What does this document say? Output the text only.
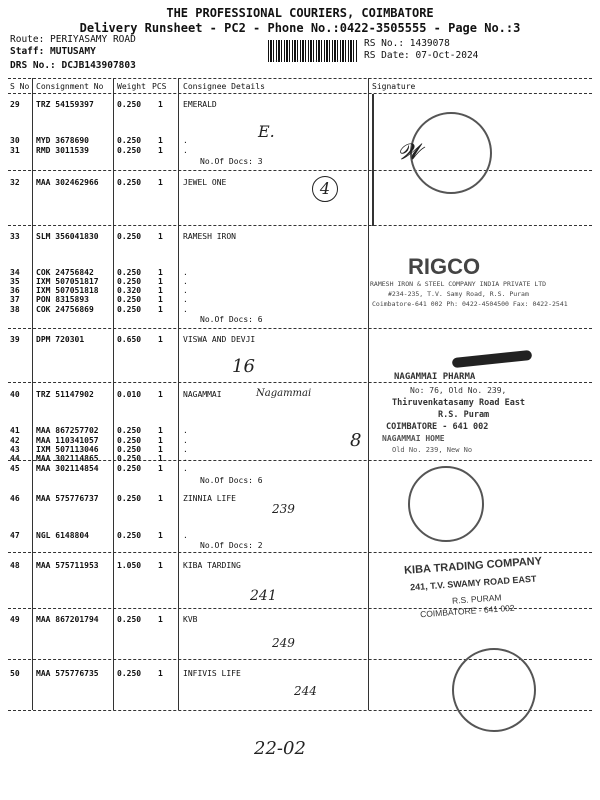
THE PROFESSIONAL COURIERS, COIMBATORE
Delivery Runsheet - PC2 - Phone No.:0422-3505555 - Page No.:3
Route: PERIYASAMY ROAD
Staff: MUTUSAMY
DRS No.: DCJB143907803
RS No.: 1439078
RS Date: 07-Oct-2024
S No Consignment No Weight PCS Consignee Details	Signature
29 TRZ 54159397	0.250 1	EMERALD
30 MYD 3678690	0.250 1	.
31 RMD 3011539	0.250 1	.
No.Of Docs: 3
32 MAA 302462966 0.250 1	JEWEL ONE
33 SLM 356041830 0.250 1	RAMESH IRON
34 COK 24756842	0.250 1	.
35 IXM 507051817 0.250 1	.
36 IXM 507051818 0.320 1	.
37 PON 8315893	0.250 1	.
38 COK 24756869	0.250 1	.
No.Of Docs: 6
39 DPM 720301	0.650 1	VISWA AND DEVJI
40 TRZ 51147902	0.010 1	NAGAMMAI
41 MAA 867257702 0.250 1	.
42 MAA 110341057 0.250 1	.
43 IXM 507113046 0.250 1	.
44 MAA 302114865 0.250 1	.
45 MAA 302114854 0.250 1	.
No.Of Docs: 6
46 MAA 575776737 0.250 1	ZINNIA LIFE
47 NGL 6148804	0.250 1	.
No.Of Docs: 2
48 MAA 575711953 1.050 1	KIBA TARDING
49 MAA 867201794 0.250 1	KVB
50 MAA 575776735 0.250 1	INFIVIS LIFE
E.
𝓦
4
RIGCO
RAMESH IRON & STEEL COMPANY INDIA PRIVATE LTD
#234-235, T.V. Samy Road, R.S. Puram
Coimbatore-641 002 Ph: 0422-4504500 Fax: 0422-2541
16	NAGAMMAI PHARMA
No: 76, Old No. 239,
Thiruvenkatasamy Road East
R.S. Puram
COIMBATORE - 641 002
NAGAMMAI HOME
Old No. 239, New No
Nagammai
8
239
KIBA TRADING COMPANY
241, T.V. SWAMY ROAD EAST
R.S. PURAM
COIMBATORE - 641 002
241
249
244
22-02
